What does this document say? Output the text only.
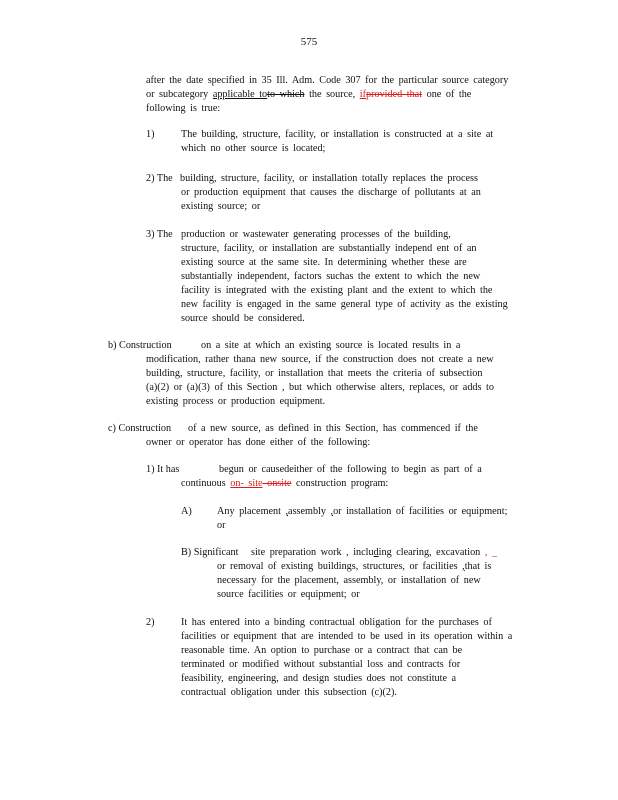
575
after the date specified in 35 Ill. Adm. Code 307 for the particular source category
or subcategory applicable toto which the source, ifprovided that one of the
following is true:
1)	The building, structure, facility, or installation is constructed at a site at
which no other source is located;
2) The building, structure, facility, or installation totally replaces the process
or production equipment that causes the discharge of pollutants at an
existing source; or
3) The production or wastewater generating processes of the building,
structure, facility, or installation are substantially independ ent of an
existing source at the same site. In determining whether these are
substantially independent, factors suchas the extent to which the new
facility is integrated with the existing plant and the extent to which the
new facility is engaged in the same general type of activity as the existing
source should be considered.
b) Construction	on a site at which an existing source is located results in a
modification, rather thana new source, if the construction does not create a new
building, structure, facility, or installation that meets the criteria of subsection
(a)(2) or (a)(3) of this Section , but which otherwise alters, replaces, or adds to
existing process or production equipment.
c) Construction of a new source, as defined in this Section, has commenced if the
owner or operator has done either of the following:
1) It has	begun or causedeither of the following to begin as part of a
continuous on- site onsite construction program:
A) Any placement ,assembly ,or installation of facilities or equipment;
or
B) Significant site preparation work , including clearing, excavation , _
or removal of existing buildings, structures, or facilities ,that is
necessary for the placement, assembly, or installation of new
source facilities or equipment; or
2)	It has entered into a binding contractual obligation for the purchases of
facilities or equipment that are intended to be used in its operation within a
reasonable time. An option to purchase or a contract that can be
terminated or modified without substantial loss and contracts for
feasibility, engineering, and design studies does not constitute a
contractual obligation under this subsection (c)(2).
